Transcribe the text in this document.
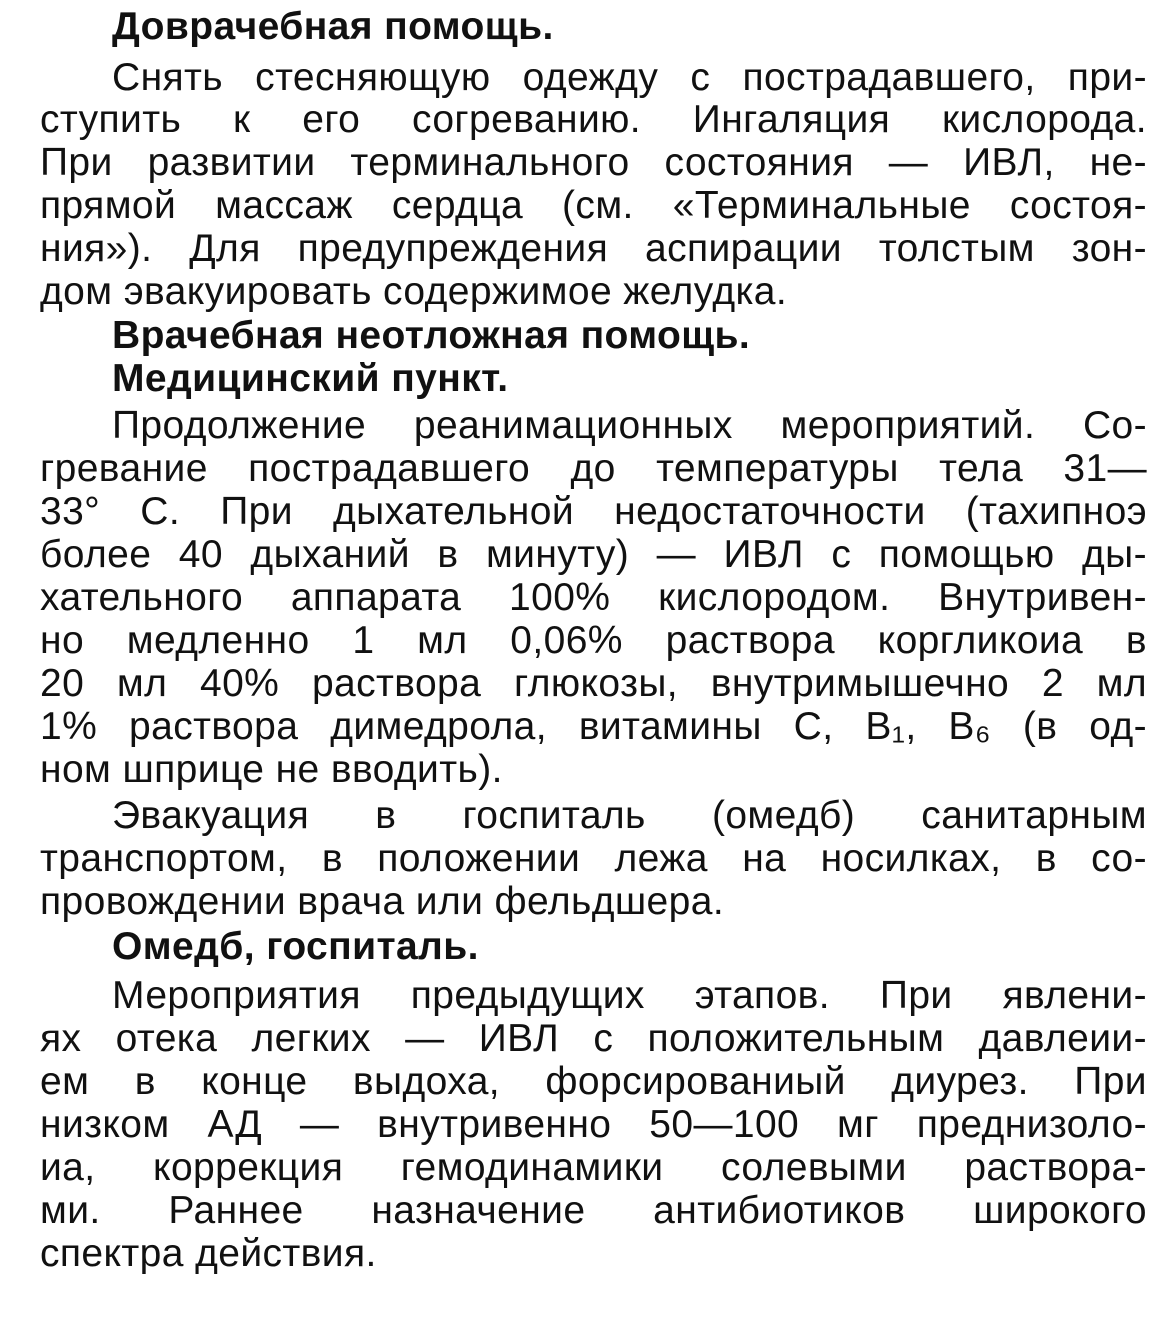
Доврачебная помощь.
Снять стесняющую одежду с пострадавшего, при-
ступить к его согреванию. Ингаляция кислорода.
При развитии терминального состояния — ИВЛ, не-
прямой массаж сердца (см. «Терминальные состоя-
ния»). Для предупреждения аспирации толстым зон-
дом эвакуировать содержимое желудка.
Врачебная неотложная помощь.
Медицинский пункт.
Продолжение реанимационных мероприятий. Со-
гревание пострадавшего до температуры тела 31—
33° С. При дыхательной недостаточности (тахипноэ
более 40 дыханий в минуту) — ИВЛ с помощью ды-
хательного аппарата 100% кислородом. Внутривен-
но медленно 1 мл 0,06% раствора коргликоиа в
20 мл 40% раствора глюкозы, внутримышечно 2 мл
1% раствора димедрола, витамины С, В₁, В₆ (в од-
ном шприце не вводить).
Эвакуация в госпиталь (омедб) санитарным
транспортом, в положении лежа на носилках, в со-
провождении врача или фельдшера.
Омедб, госпиталь.
Мероприятия предыдущих этапов. При явлени-
ях отека легких — ИВЛ с положительным давлеии-
ем в конце выдоха, форсированиый диурез. При
низком АД — внутривенно 50—100 мг преднизоло-
иа, коррекция гемодинамики солевыми раствора-
ми. Раннее назначение антибиотиков широкого
спектра действия.
